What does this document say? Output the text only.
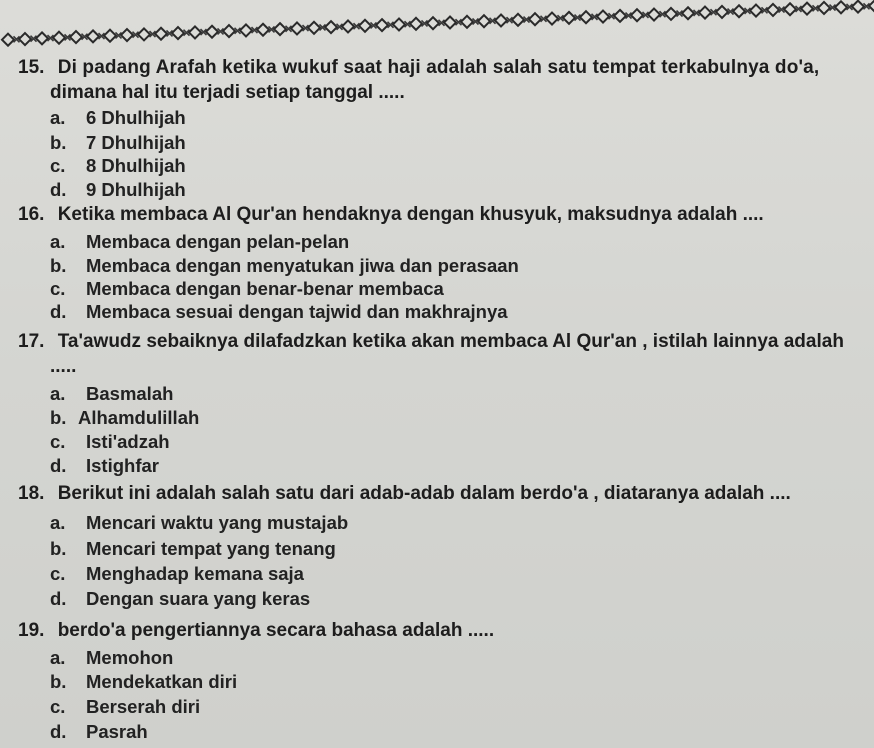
15. Di padang Arafah ketika wukuf saat haji adalah salah satu tempat terkabulnya do'a,
dimana hal itu terjadi setiap tanggal .....
a. 6 Dhulhijah
b. 7 Dhulhijah
c. 8 Dhulhijah
d. 9 Dhulhijah
16. Ketika membaca Al Qur'an hendaknya dengan khusyuk, maksudnya adalah ....
a. Membaca dengan pelan-pelan
b. Membaca dengan menyatukan jiwa dan perasaan
c. Membaca dengan benar-benar membaca
d. Membaca sesuai dengan tajwid dan makhrajnya
17. Ta'awudz sebaiknya dilafadzkan ketika akan membaca Al Qur'an , istilah lainnya adalah
.....
a. Basmalah
b. Alhamdulillah
c. Isti'adzah
d. Istighfar
18. Berikut ini adalah salah satu dari adab-adab dalam berdo'a , diataranya adalah ....
a. Mencari waktu yang mustajab
b. Mencari tempat yang tenang
c. Menghadap kemana saja
d. Dengan suara yang keras
19. berdo'a pengertiannya secara bahasa adalah .....
a. Memohon
b. Mendekatkan diri
c. Berserah diri
d. Pasrah
